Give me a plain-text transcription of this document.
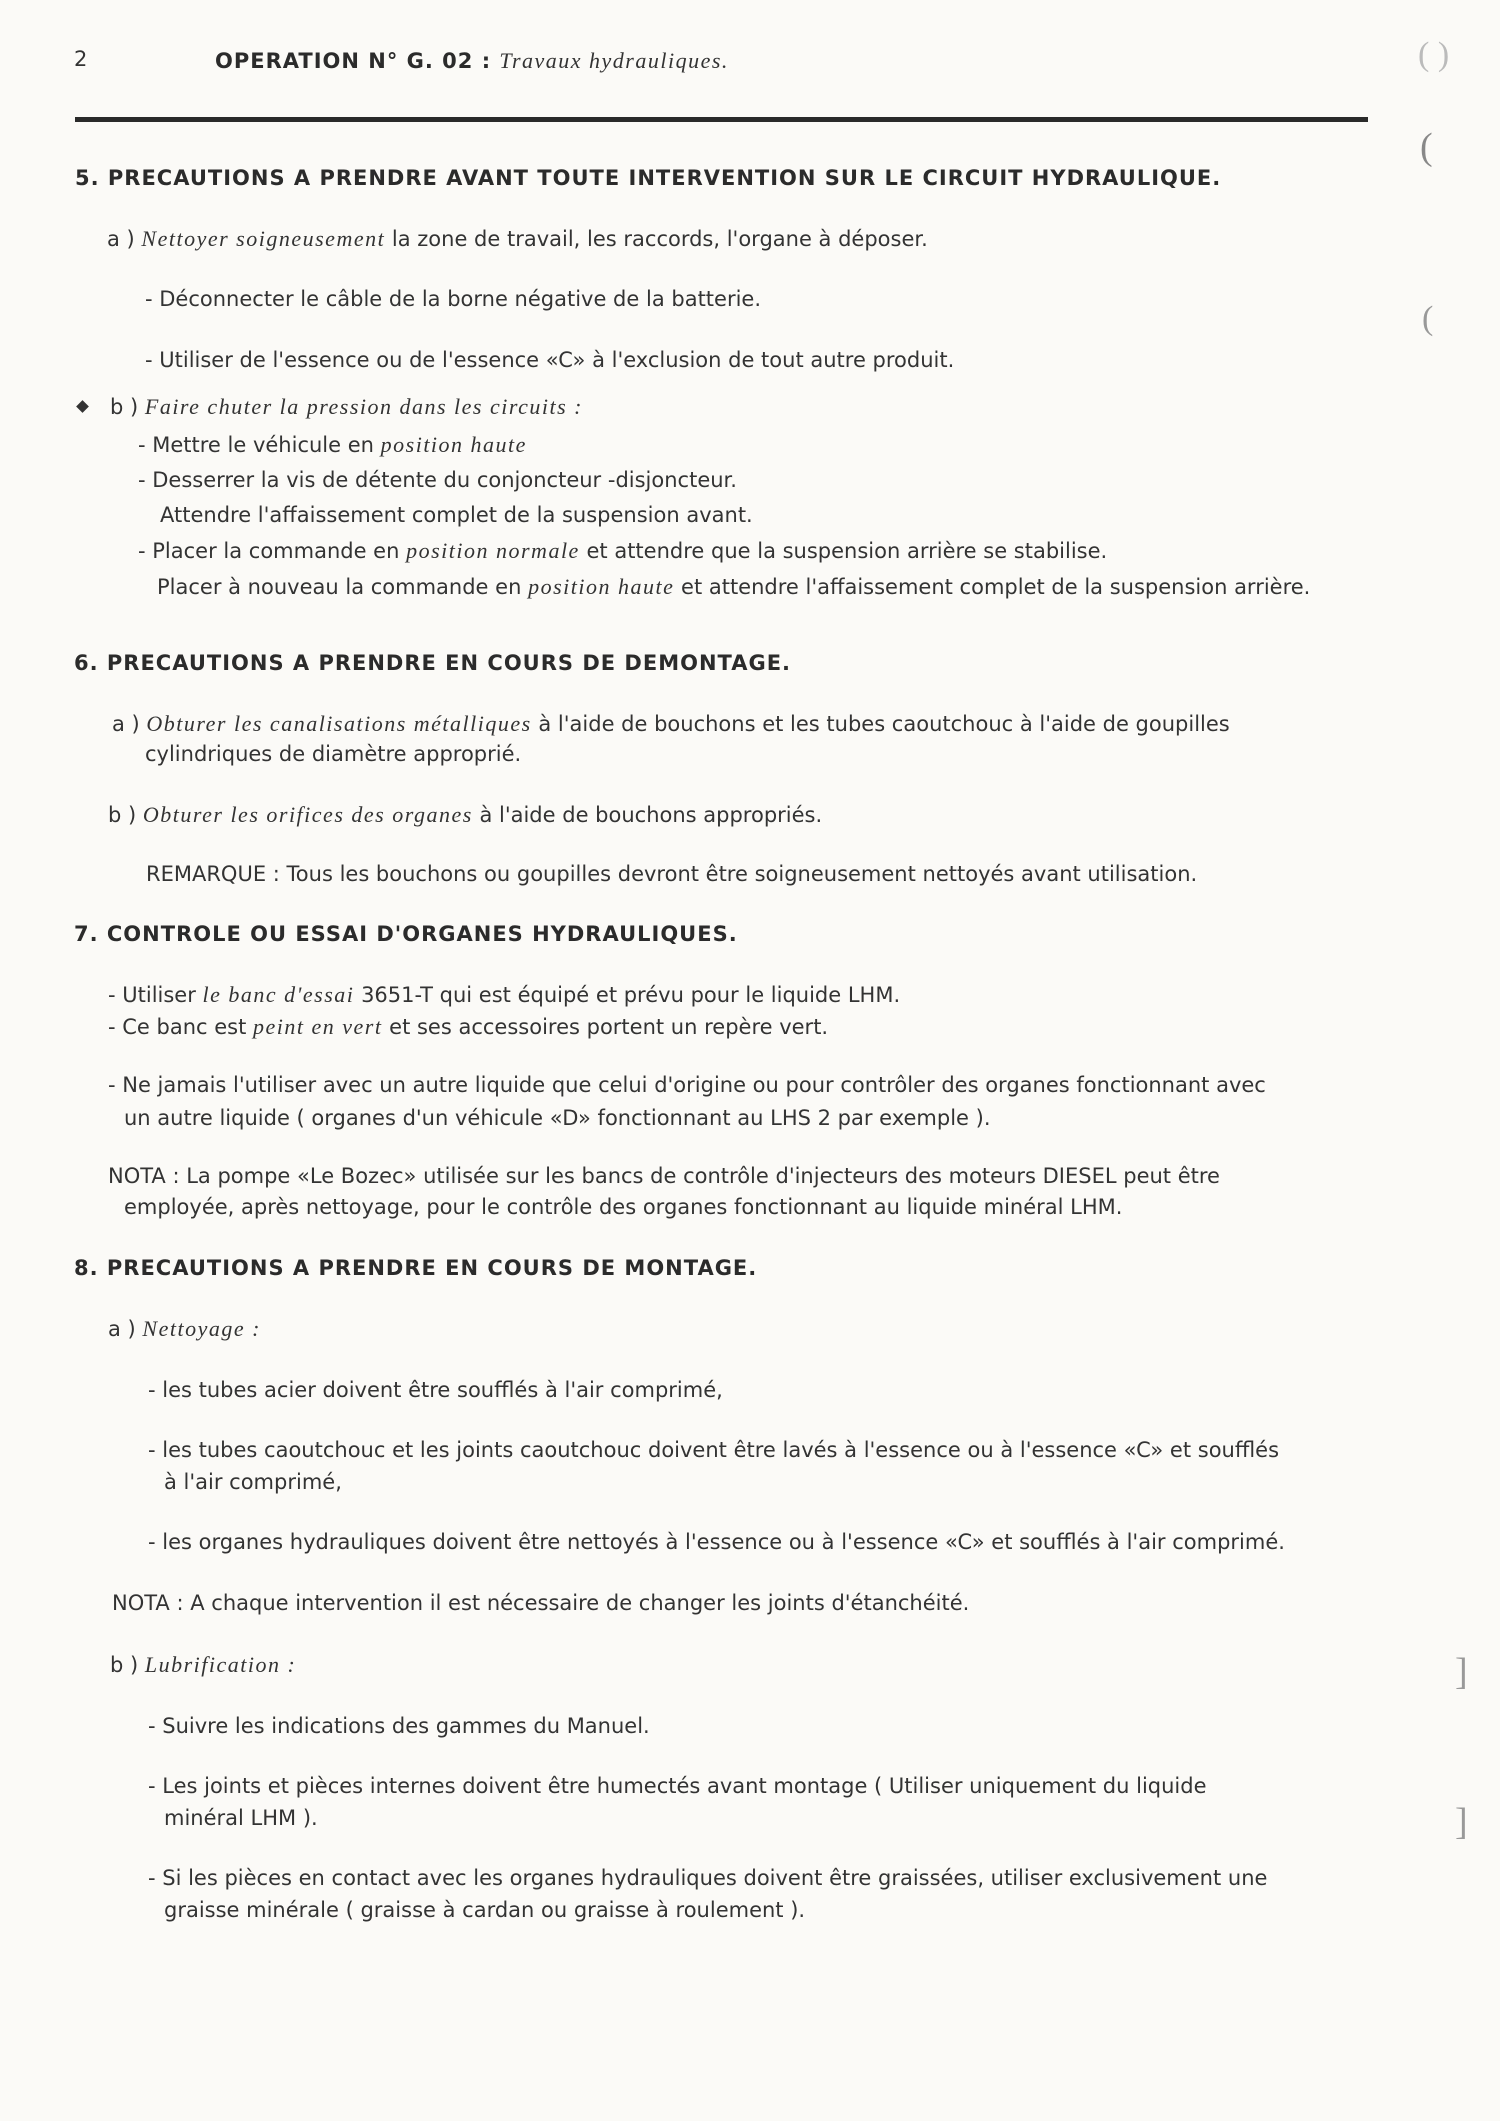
2	OPERATION N° G. 02 : Travaux hydrauliques.	( )
(
(
]
]
5. PRECAUTIONS A PRENDRE AVANT TOUTE INTERVENTION SUR LE CIRCUIT HYDRAULIQUE.
a ) Nettoyer soigneusement la zone de travail, les raccords, l'organe à déposer.
- Déconnecter le câble de la borne négative de la batterie.
- Utiliser de l'essence ou de l'essence «C» à l'exclusion de tout autre produit.
b ) Faire chuter la pression dans les circuits :
- Mettre le véhicule en position haute
- Desserrer la vis de détente du conjoncteur -disjoncteur.
Attendre l'affaissement complet de la suspension avant.
- Placer la commande en position normale et attendre que la suspension arrière se stabilise.
Placer à nouveau la commande en position haute et attendre l'affaissement complet de la suspension arrière.
6. PRECAUTIONS A PRENDRE EN COURS DE DEMONTAGE.
a ) Obturer les canalisations métalliques à l'aide de bouchons et les tubes caoutchouc à l'aide de goupilles
cylindriques de diamètre approprié.
b ) Obturer les orifices des organes à l'aide de bouchons appropriés.
REMARQUE : Tous les bouchons ou goupilles devront être soigneusement nettoyés avant utilisation.
7. CONTROLE OU ESSAI D'ORGANES HYDRAULIQUES.
- Utiliser le banc d'essai 3651-T qui est équipé et prévu pour le liquide LHM.
- Ce banc est peint en vert et ses accessoires portent un repère vert.
- Ne jamais l'utiliser avec un autre liquide que celui d'origine ou pour contrôler des organes fonctionnant avec
un autre liquide ( organes d'un véhicule «D» fonctionnant au LHS 2 par exemple ).
NOTA : La pompe «Le Bozec» utilisée sur les bancs de contrôle d'injecteurs des moteurs DIESEL peut être
employée, après nettoyage, pour le contrôle des organes fonctionnant au liquide minéral LHM.
8. PRECAUTIONS A PRENDRE EN COURS DE MONTAGE.
a ) Nettoyage :
- les tubes acier doivent être soufflés à l'air comprimé,
- les tubes caoutchouc et les joints caoutchouc doivent être lavés à l'essence ou à l'essence «C» et soufflés
à l'air comprimé,
- les organes hydrauliques doivent être nettoyés à l'essence ou à l'essence «C» et soufflés à l'air comprimé.
NOTA : A chaque intervention il est nécessaire de changer les joints d'étanchéité.
b ) Lubrification :
- Suivre les indications des gammes du Manuel.
- Les joints et pièces internes doivent être humectés avant montage ( Utiliser uniquement du liquide
minéral LHM ).
- Si les pièces en contact avec les organes hydrauliques doivent être graissées, utiliser exclusivement une
graisse minérale ( graisse à cardan ou graisse à roulement ).
